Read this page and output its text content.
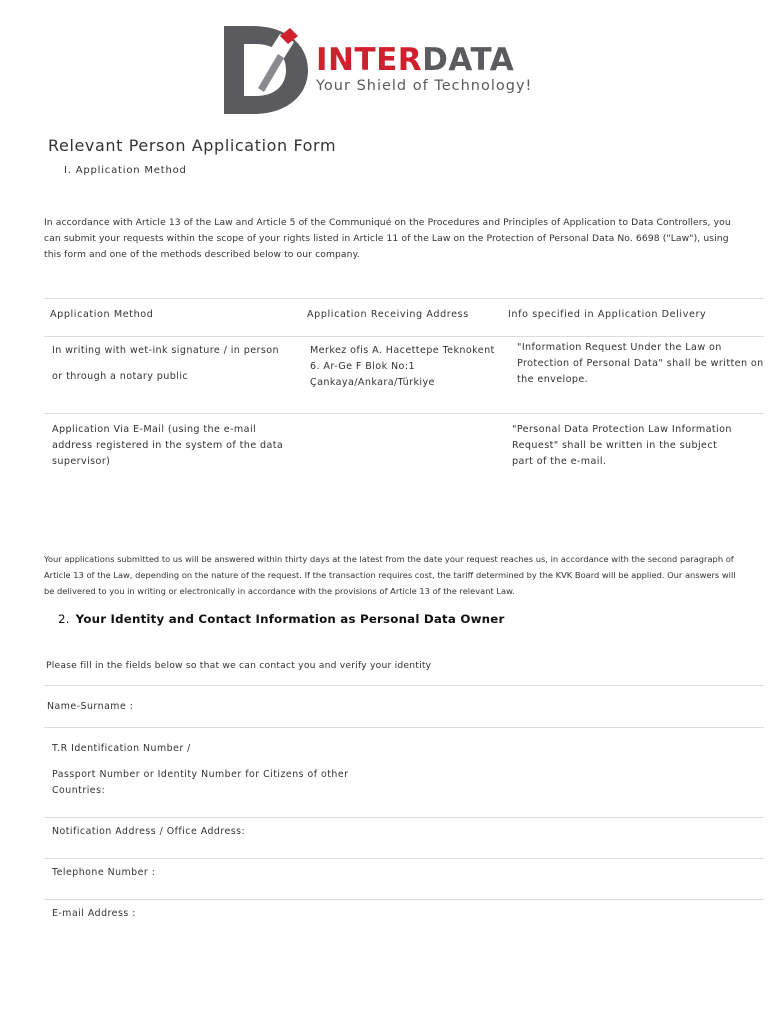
INTERDATA
Your Shield of Technology!
Relevant Person Application Form
I. Application Method
In accordance with Article 13 of the Law and Article 5 of the Communiqué on the Procedures and Principles of Application to Data Controllers, you can submit your requests within the scope of your rights listed in Article 11 of the Law on the Protection of Personal Data No. 6698 ("Law"), using this form and one of the methods described below to our company.
Application Method	Application Receiving Address	Info specified in Application Delivery
In writing with wet-ink signature / in person
or through a notary public
Merkez ofis A. Hacettepe Teknokent
6. Ar-Ge F Blok No:1
Çankaya/Ankara/Türkiye
"Information Request Under the Law on
Protection of Personal Data" shall be written on
the envelope.
Application Via E-Mail (using the e-mail
address registered in the system of the data
supervisor)
"Personal Data Protection Law Information
Request" shall be written in the subject
part of the e-mail.
Your applications submitted to us will be answered within thirty days at the latest from the date your request reaches us, in accordance with the second paragraph of Article 13 of the Law, depending on the nature of the request. If the transaction requires cost, the tariff determined by the KVK Board will be applied. Our answers will be delivered to you in writing or electronically in accordance with the provisions of Article 13 of the relevant Law.
2. Your Identity and Contact Information as Personal Data Owner
Please fill in the fields below so that we can contact you and verify your identity
Name-Surname :
T.R Identification Number /
Passport Number or Identity Number for Citizens of other
Countries:
Notification Address / Office Address:
Telephone Number :
E-mail Address :
